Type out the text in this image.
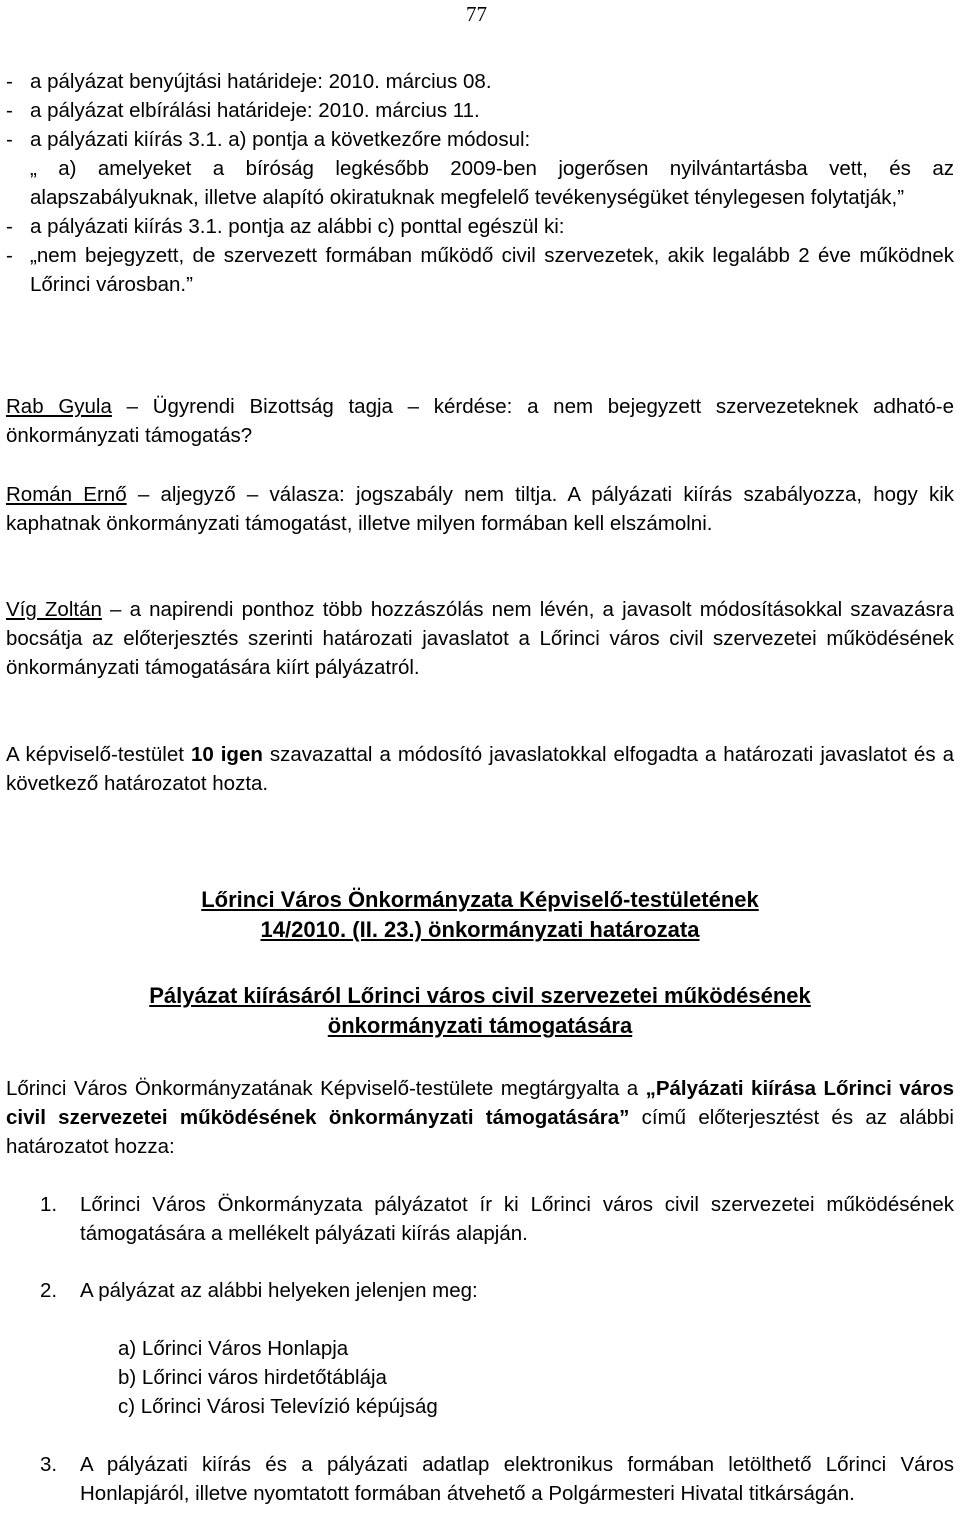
77
- a pályázat benyújtási határideje: 2010. március 08.
- a pályázat elbírálási határideje: 2010. március 11.
- a pályázati kiírás 3.1. a) pontja a következőre módosul:
„ a) amelyeket a bíróság legkésőbb 2009-ben jogerősen nyilvántartásba vett, és az alapszabályuknak, illetve alapító okiratuknak megfelelő tevékenységüket ténylegesen folytatják,”
- a pályázati kiírás 3.1. pontja az alábbi c) ponttal egészül ki:
- „nem bejegyzett, de szervezett formában működő civil szervezetek, akik legalább 2 éve működnek Lőrinci városban.”

Rab Gyula – Ügyrendi Bizottság tagja – kérdése: a nem bejegyzett szervezeteknek adható-e önkormányzati támogatás?

Román Ernő – aljegyző – válasza: jogszabály nem tiltja. A pályázati kiírás szabályozza, hogy kik kaphatnak önkormányzati támogatást, illetve milyen formában kell elszámolni.

Víg Zoltán – a napirendi ponthoz több hozzászólás nem lévén, a javasolt módosításokkal szavazásra bocsátja az előterjesztés szerinti határozati javaslatot a Lőrinci város civil szervezetei működésének önkormányzati támogatására kiírt pályázatról.

A képviselő-testület 10 igen szavazattal a módosító javaslatokkal elfogadta a határozati javaslatot és a következő határozatot hozta.

Lőrinci Város Önkormányzata Képviselő-testületének
14/2010. (II. 23.) önkormányzati határozata
Pályázat kiírásáról Lőrinci város civil szervezetei működésének
önkormányzati támogatására

Lőrinci Város Önkormányzatának Képviselő-testülete megtárgyalta a „Pályázati kiírása Lőrinci város civil szervezetei működésének önkormányzati támogatására” című előterjesztést és az alábbi határozatot hozza:

1.	Lőrinci Város Önkormányzata pályázatot ír ki Lőrinci város civil szervezetei működésének támogatására a mellékelt pályázati kiírás alapján.
2.	A pályázat az alábbi helyeken jelenjen meg:
a) Lőrinci Város Honlapja
b) Lőrinci város hirdetőtáblája
c) Lőrinci Városi Televízió képújság
3.	A pályázati kiírás és a pályázati adatlap elektronikus formában letölthető Lőrinci Város Honlapjáról, illetve nyomtatott formában átvehető a Polgármesteri Hivatal titkárságán.
